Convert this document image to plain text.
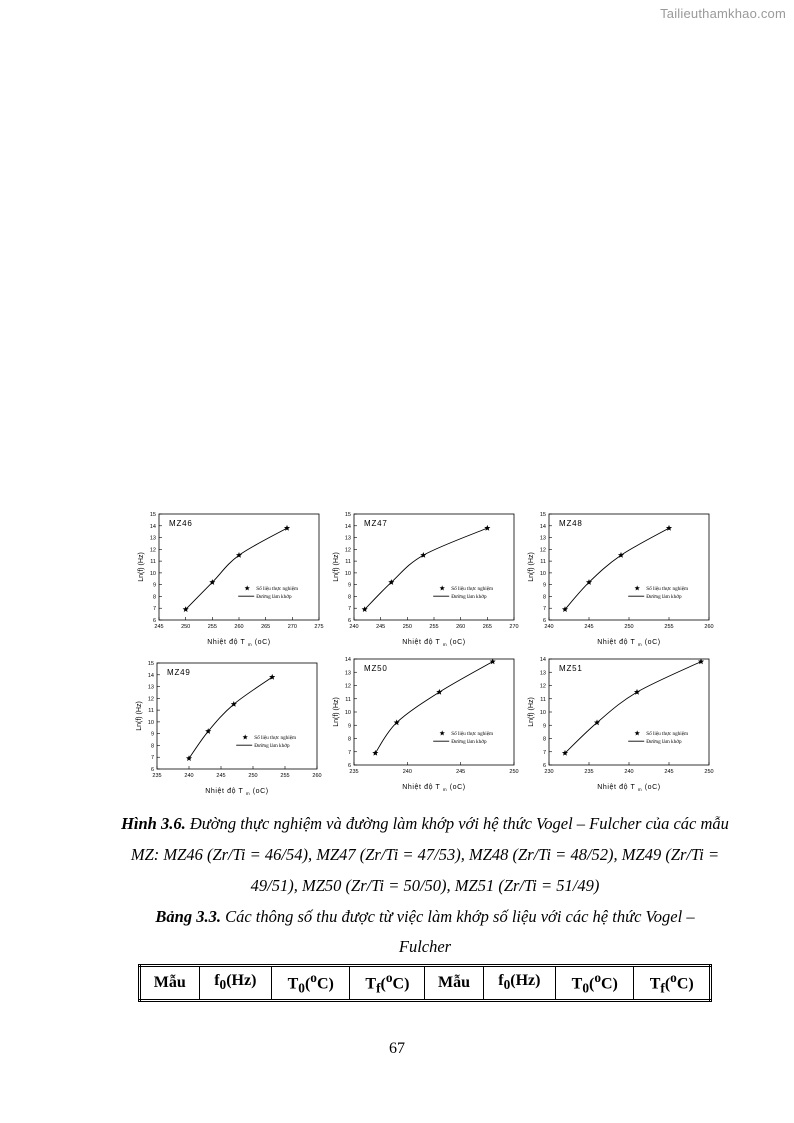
Tailieuthamkhao.com
245	250	255	260	265	270	275
6
7
8
9
10
11
12
13
14
15
Nhiệt độ T $_m$ (oC)
Ln(f) (Hz)
MZ46
Số liệu thực nghiệm
Đường làm khớp
240	245	250	255	260	265	270
6
7
8
9
10
11
12
13
14
15
Nhiệt độ T $_m$ (oC)
Ln(f) (Hz)
MZ47
Số liệu thực nghiệm
Đường làm khớp
240	245	250	255	260
6
7
8
9
10
11
12
13
14
15
Nhiệt độ T $_m$ (oC)
Ln(f) (Hz)
MZ48
Số liệu thực nghiệm
Đường làm khớp
235	240	245	250	255	260
6
7
8
9
10
11
12
13
14
15
Nhiệt độ T $_m$ (oC)
Ln(f) (Hz)
MZ49
Số liệu thực nghiệm
Đường làm khớp
235	240	245	250
6
7
8
9
10
11
12
13
14
Nhiệt độ T $_m$ (oC)
Ln(f) (Hz)
MZ50
Số liệu thực nghiệm
Đường làm khớp
230	235	240	245	250
6
7
8
9
10
11
12
13
14
Nhiệt độ T $_m$ (oC)
Ln(f) (Hz)
MZ51
Số liệu thực nghiệm
Đường làm khớp
Hình 3.6. Đường thực nghiệm và đường làm khớp với hệ thức Vogel – Fulcher của các mẫu MZ: MZ46 (Zr/Ti = 46/54), MZ47 (Zr/Ti = 47/53), MZ48 (Zr/Ti = 48/52), MZ49 (Zr/Ti = 49/51), MZ50 (Zr/Ti = 50/50), MZ51 (Zr/Ti = 51/49)
Bảng 3.3. Các thông số thu được từ việc làm khớp số liệu với các hệ thức Vogel – Fulcher
Mẫu	$f_0(Hz)$	$T_0(^oC)$	$T_f(^oC)$	Mẫu	$f_0(Hz)$	$T_0(^oC)$	$T_f(^oC)$
67
